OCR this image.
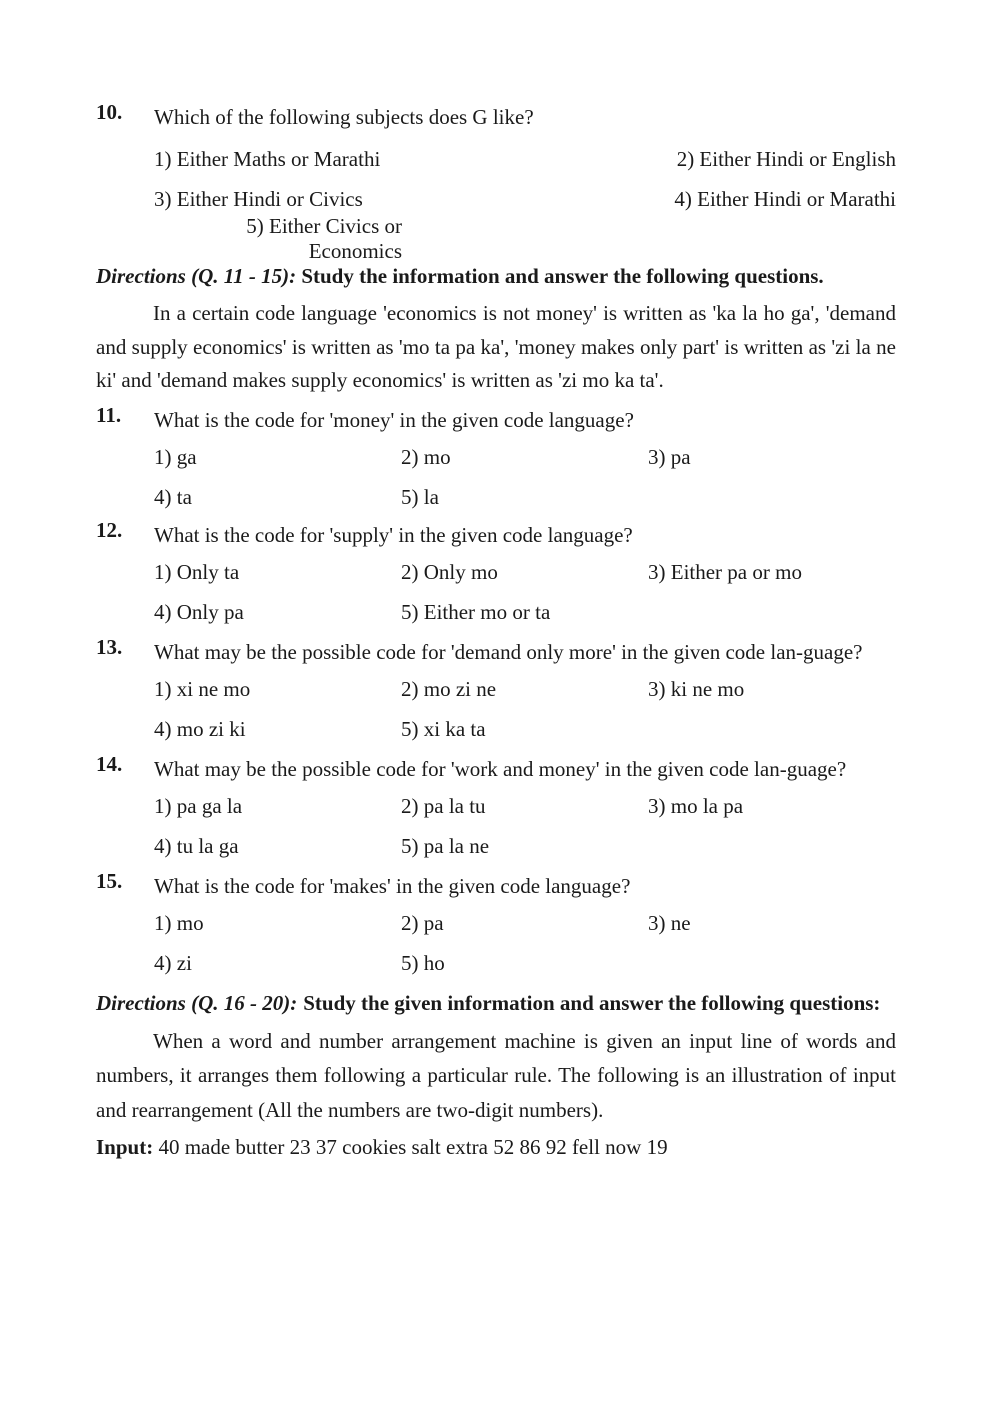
10.	Which of the following subjects does G like?
1) Either Maths or Marathi	2) Either Hindi or English
3) Either Hindi or Civics	4) Either Hindi or Marathi
5) Either Civics or Economics
Directions (Q. 11 - 15): Study the information and answer the following questions.
In a certain code language 'economics is not money' is written as 'ka la ho ga', 'demand and supply economics' is written as 'mo ta pa ka', 'money makes only part' is written as 'zi la ne ki' and 'demand makes supply economics' is written as 'zi mo ka ta'.
11.	What is the code for 'money' in the given code language?
1) ga	2) mo	3) pa
4) ta	5) la
12.	What is the code for 'supply' in the given code language?
1) Only ta	2) Only mo	3) Either pa or mo
4) Only pa	5) Either mo or ta
13.	What may be the possible code for 'demand only more' in the given code lan-guage?
1) xi ne mo	2) mo zi ne	3) ki ne mo
4) mo zi ki	5) xi ka ta
14.	What may be the possible code for 'work and money' in the given code lan-guage?
1) pa ga la	2) pa la tu	3) mo la pa
4) tu la ga	5) pa la ne
15.	What is the code for 'makes' in the given code language?
1) mo	2) pa	3) ne
4) zi	5) ho
Directions (Q. 16 - 20): Study the given information and answer the following questions:
When a word and number arrangement machine is given an input line of words and numbers, it arranges them following a particular rule. The following is an illustration of input and rearrangement (All the numbers are two-digit numbers).
Input: 40 made butter 23 37 cookies salt extra 52 86 92 fell now 19
